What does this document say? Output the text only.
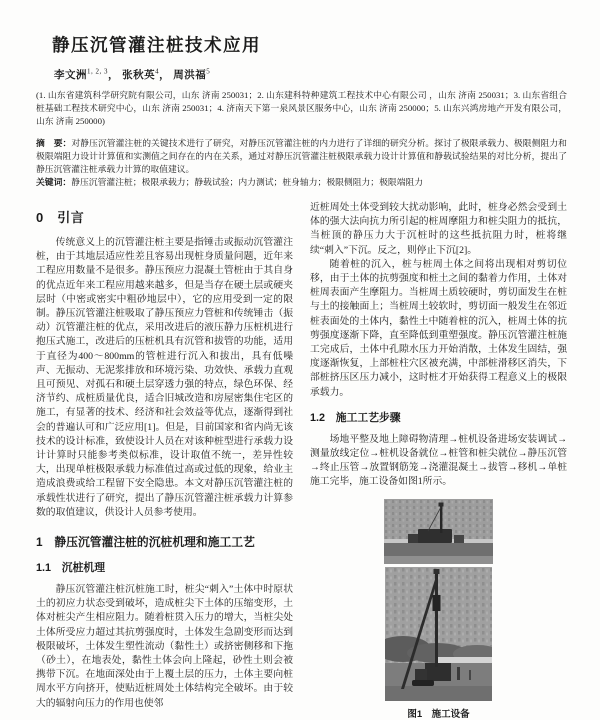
静压沉管灌注桩技术应用
李文洲$^{1, 2, 3}$， 张秋英$^4$， 周洪福$^5$

(1. 山东省建筑科学研究院有限公司，山东 济南 250031；2. 山东建科特种建筑工程技术中心有限公司 ，山东 济南 250031；3. 山东省组合桩基础工程技术研究中心，山东 济南 250031；4. 济南天下第一泉风景区服务中心，山东 济南 250000；5. 山东兴鸿房地产开发有限公司，山东 济南 250000)

摘　要：对静压沉管灌注桩的关键技术进行了研究，对静压沉管灌注桩的内力进行了详细的研究分析。探讨了极限承载力、极限侧阻力和极限端阻力设计计算值和实测值之间存在的内在关系，通过对静压沉管灌注桩极限承载力设计计算值和静载试验结果的对比分析，提出了静压沉管灌注桩承载力计算的取值建议。

关键词：静压沉管灌注桩；极限承载力；静载试验；内力测试；桩身轴力；极限侧阻力；极限端阻力

0　引言

传统意义上的沉管灌注桩主要是指锤击或振动沉管灌注桩，由于其地层适应性差且容易出现桩身质量问题，近年来工程应用数量不是很多。静压预应力混凝土管桩由于其自身的优点近年来工程应用越来越多，但是当存在硬土层或硬夹层时（中密或密实中粗砂地层中），它的应用受到一定的限制。静压沉管灌注桩吸取了静压预应力管桩和传统锤击（振动）沉管灌注桩的优点，采用改进后的液压静力压桩机进行抱压式施工，改进后的压桩机具有沉管和拔管的功能，适用于直径为400～800mm的管桩进行沉入和拔出，具有低噪声、无振动、无泥浆排放和环境污染、功效快、承载力直观且可预见、对孤石和硬土层穿透力强的特点，绿色环保、经济节约、成桩质量优良，适合旧城改造和房屋密集住宅区的施工，有显著的技术、经济和社会效益等优点，逐渐得到社会的普遍认可和广泛应用[1]。但是，目前国家和省内尚无该技术的设计标准，致使设计人员在对该种桩型进行承载力设计计算时只能参考类似标准，设计取值不统一，差异性较大，出现单桩极限承载力标准值过高或过低的现象，给业主造成浪费或给工程留下安全隐患。本文对静压沉管灌注桩的承载性状进行了研究，提出了静压沉管灌注桩承载力计算参数的取值建议，供设计人员参考使用。

1　静压沉管灌注桩的沉桩机理和施工工艺
1.1　沉桩机理

静压沉管灌注桩沉桩施工时，桩尖“刺入”土体中时原状土的初应力状态受到破坏，造成桩尖下土体的压缩变形，土体对桩尖产生相应阻力。随着桩贯入压力的增大，当桩尖处土体所受应力超过其抗剪强度时，土体发生急剧变形而达到极限破坏，土体发生塑性流动（黏性土）或挤密侧移和下拖（砂土），在地表处，黏性土体会向上隆起，砂性土则会被携带下沉。在地面深处由于上覆土层的压力，土体主要向桩周水平方向挤开，使贴近桩周处土体结构完全破坏。由于较大的辐射向压力的作用也使邻

近桩周处土体受到较大扰动影响，此时，桩身必然会受到土体的强大法向抗力所引起的桩周摩阻力和桩尖阻力的抵抗，当桩顶的静压力大于沉桩时的这些抵抗阻力时，桩将继续“刺入”下沉。反之，则停止下沉[2]。

随着桩的沉入，桩与桩周土体之间将出现相对剪切位移，由于土体的抗剪强度和桩土之间的黏着力作用，土体对桩周表面产生摩阻力。当桩周土质较硬时，剪切面发生在桩与土的接触面上；当桩周土较软时，剪切面一般发生在邻近桩表面处的土体内，黏性土中随着桩的沉入，桩周土体的抗剪强度逐渐下降，直至降低到重塑强度。静压沉管灌注桩施工完成后，土体中孔隙水压力开始消散，土体发生固结，强度逐渐恢复，上部桩柱穴区被充满，中部桩滑移区消失，下部桩挤压区压力减小，这时桩才开始获得工程意义上的极限承载力。

1.2　施工工艺步骤

场地平整及地上障碍物清理→桩机设备进场安装调试→测量放线定位→桩机设备就位→桩管和桩尖就位→静压沉管→终止压管→放置钢筋笼→浇灌混凝土→拔管→移机→单桩施工完毕，施工设备如图1所示。

图1　施工设备
